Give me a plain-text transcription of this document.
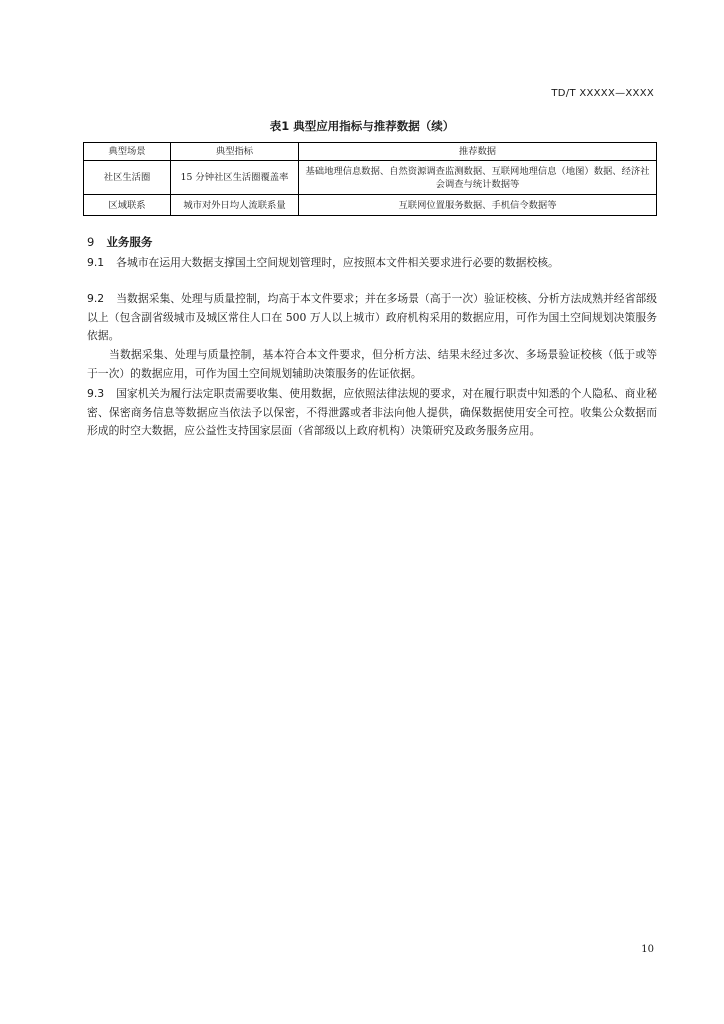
TD/T XXXXX—XXXX
表1 典型应用指标与推荐数据（续）
典型场景	典型指标	推荐数据
社区生活圈	15 分钟社区生活圈覆盖率	基础地理信息数据、自然资源调查监测数据、互联网地理信息（地图）数据、经济社会调查与统计数据等
区域联系	城市对外日均人流联系量	互联网位置服务数据、手机信令数据等
9 业务服务

9.1 各城市在运用大数据支撑国土空间规划管理时，应按照本文件相关要求进行必要的数据校核。

9.2 当数据采集、处理与质量控制，均高于本文件要求；并在多场景（高于一次）验证校核、分析方法成熟并经省部级以上（包含副省级城市及城区常住人口在 500 万人以上城市）政府机构采用的数据应用，可作为国土空间规划决策服务依据。

当数据采集、处理与质量控制，基本符合本文件要求，但分析方法、结果未经过多次、多场景验证校核（低于或等于一次）的数据应用，可作为国土空间规划辅助决策服务的佐证依据。

9.3 国家机关为履行法定职责需要收集、使用数据，应依照法律法规的要求，对在履行职责中知悉的个人隐私、商业秘密、保密商务信息等数据应当依法予以保密，不得泄露或者非法向他人提供，确保数据使用安全可控。收集公众数据而形成的时空大数据，应公益性支持国家层面（省部级以上政府机构）决策研究及政务服务应用。

10
